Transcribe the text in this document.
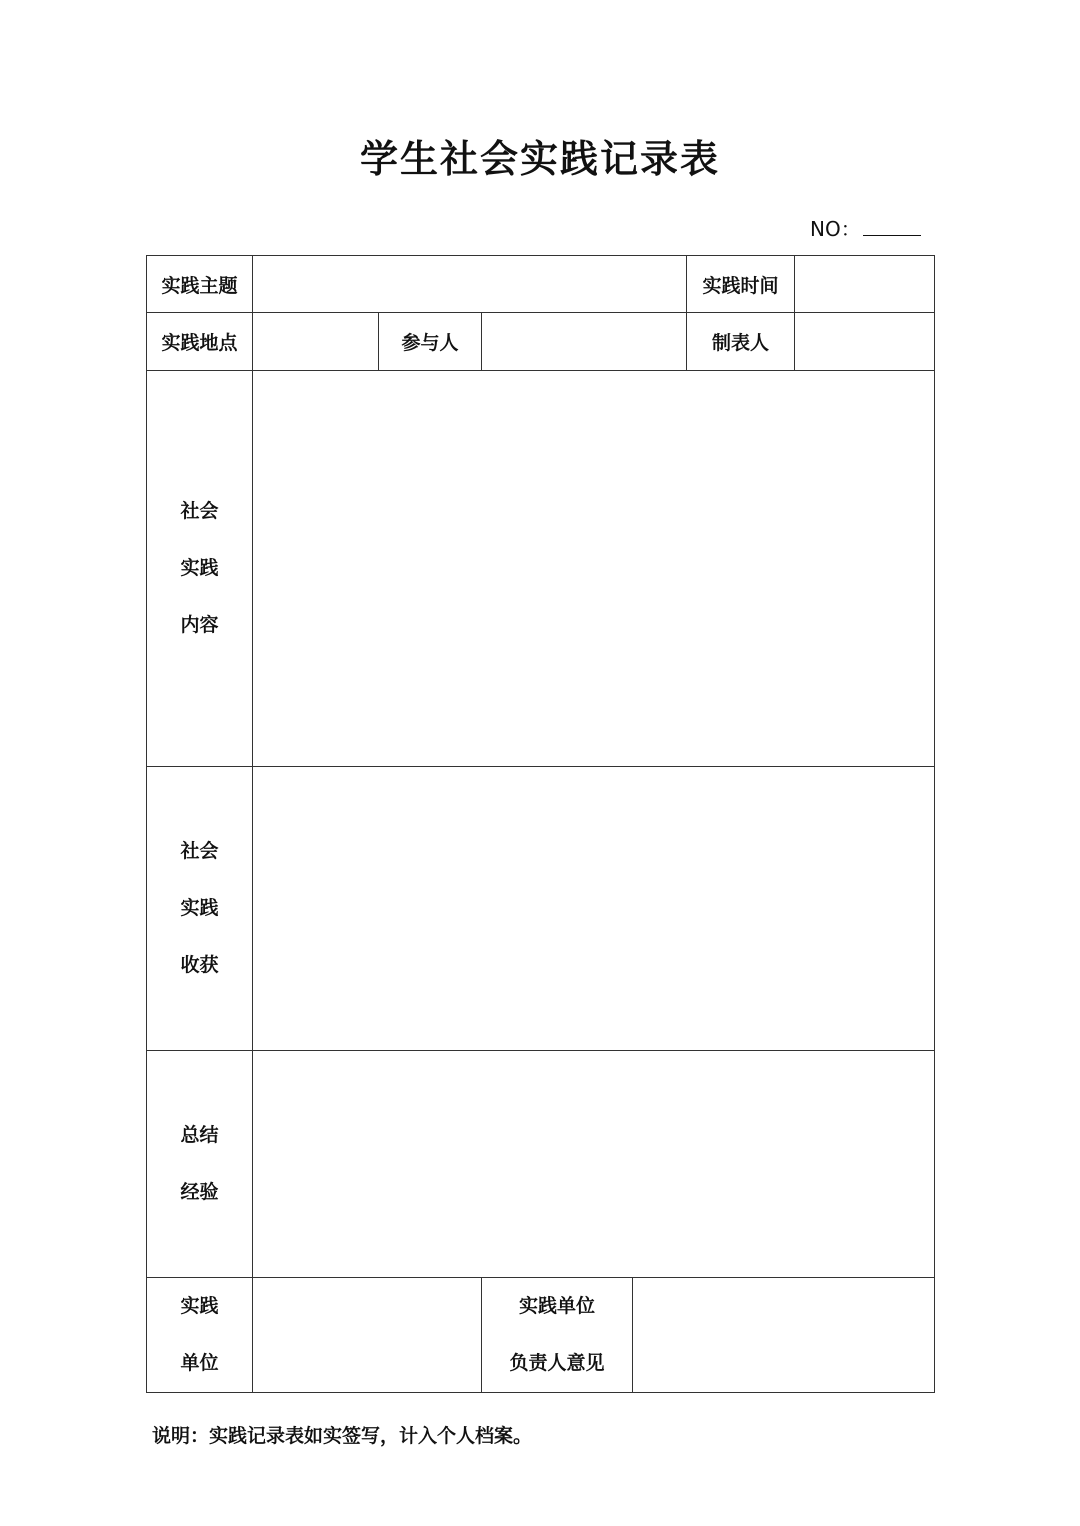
学生社会实践记录表
NO：
实践主题					实践时间	
实践地点		参与人			制表人	

社会
实践
内容						

社会
实践
收获						

总结
经验						

实践
单位			实践单位
负责人意见			

说明：实践记录表如实签写，计入个人档案。
